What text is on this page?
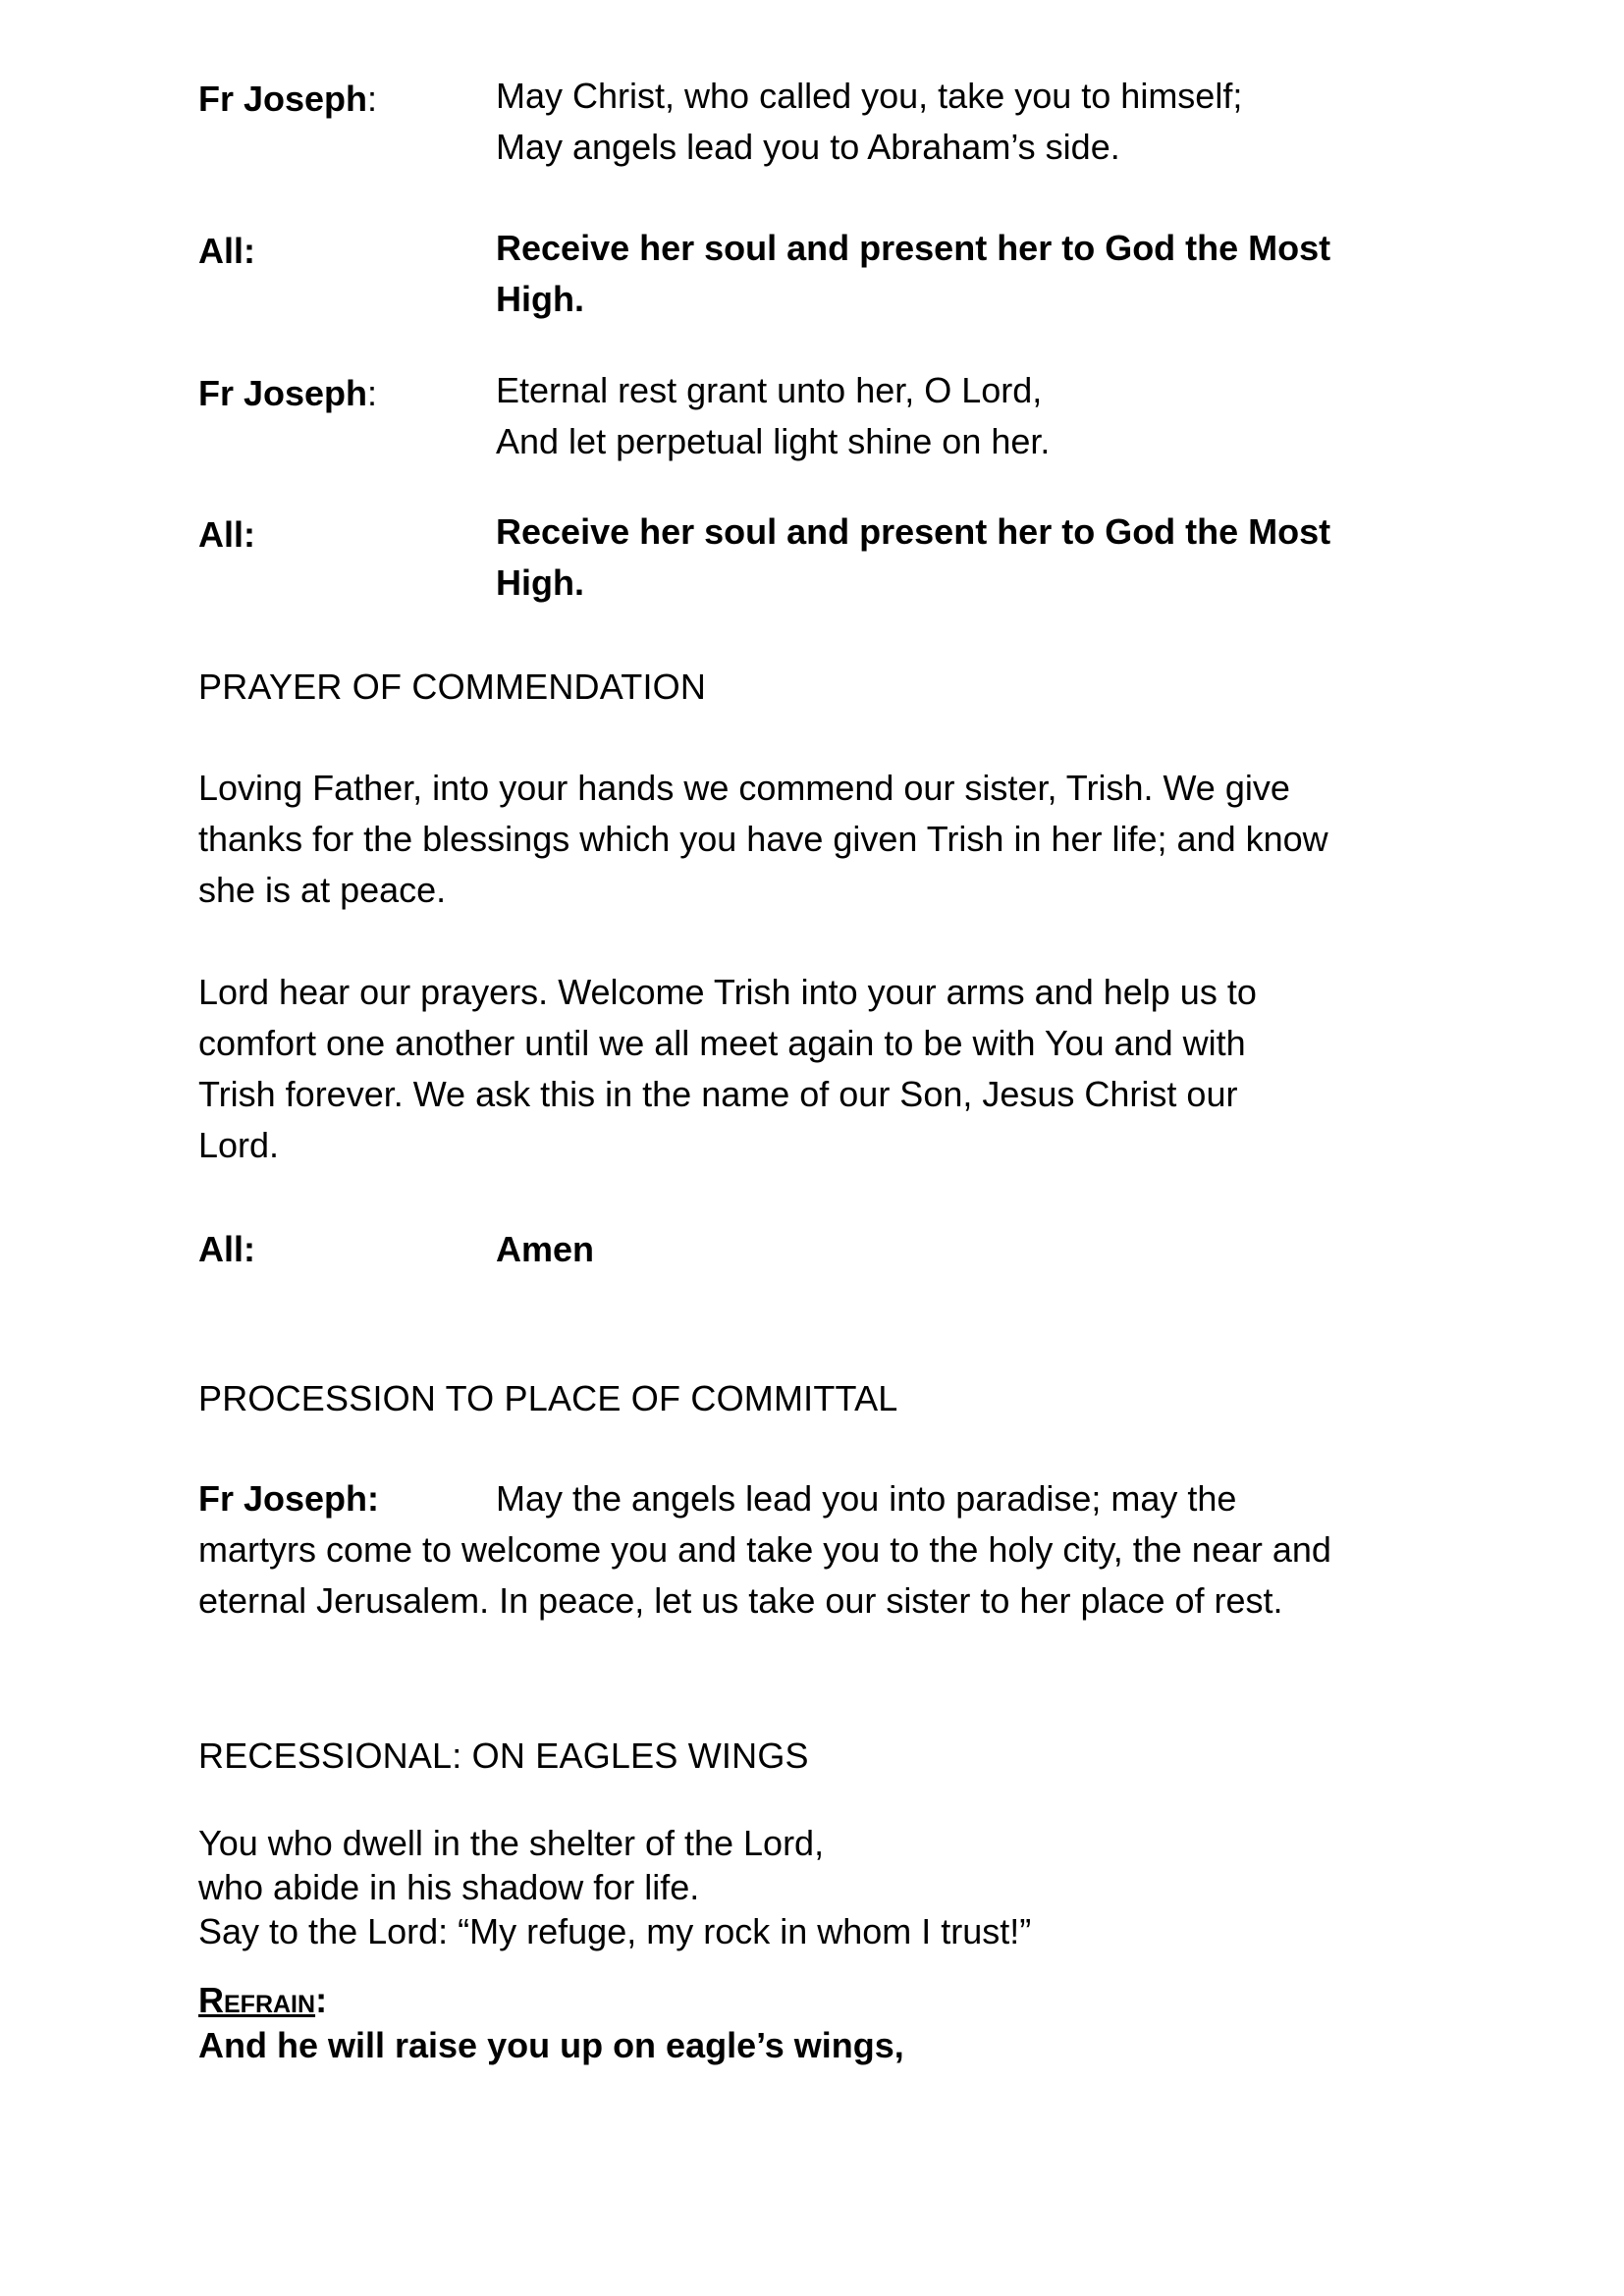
Fr Joseph:	May Christ, who called you, take you to himself;
May angels lead you to Abraham’s side.
All:	Receive her soul and present her to God the Most
High.
Fr Joseph:	Eternal rest grant unto her, O Lord,
And let perpetual light shine on her.
All:	Receive her soul and present her to God the Most
High.
PRAYER OF COMMENDATION
Loving Father, into your hands we commend our sister, Trish. We give
thanks for the blessings which you have given Trish in her life; and know
she is at peace.
Lord hear our prayers. Welcome Trish into your arms and help us to
comfort one another until we all meet again to be with You and with
Trish forever. We ask this in the name of our Son, Jesus Christ our
Lord.
All:	Amen
PROCESSION TO PLACE OF COMMITTAL
Fr Joseph:	May the angels lead you into paradise; may the
martyrs come to welcome you and take you to the holy city, the near and
eternal Jerusalem. In peace, let us take our sister to her place of rest.
RECESSIONAL: ON EAGLES WINGS
You who dwell in the shelter of the Lord,
who abide in his shadow for life.
Say to the Lord: “My refuge, my rock in whom I trust!”
Refrain:
And he will raise you up on eagle’s wings,
